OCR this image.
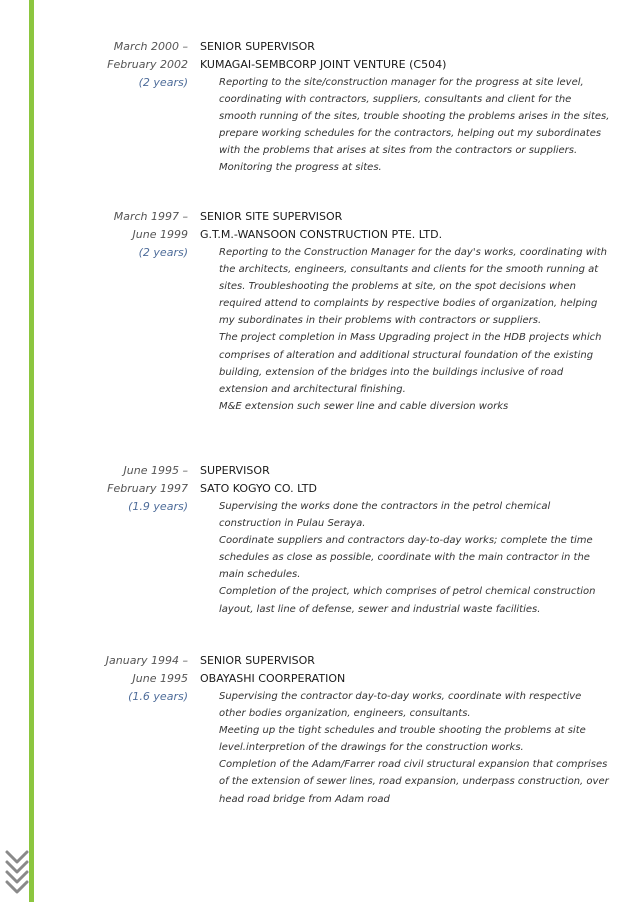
March 2000 –
February 2002
(2 years)
SENIOR SUPERVISOR
KUMAGAI-SEMBCORP JOINT VENTURE (C504)

Reporting to the site/construction manager for the progress at site level, coordinating with contractors, suppliers, consultants and client for the smooth running of the sites, trouble shooting the problems arises in the sites, prepare working schedules for the contractors, helping out my subordinates with the problems that arises at sites from the contractors or suppliers.

Monitoring the progress at sites.

March 1997 –
June 1999
(2 years)
SENIOR SITE SUPERVISOR
G.T.M.-WANSOON CONSTRUCTION PTE. LTD.

Reporting to the Construction Manager for the day's works, coordinating with the architects, engineers, consultants and clients for the smooth running at sites. Troubleshooting the problems at site, on the spot decisions when required attend to complaints by respective bodies of organization, helping my subordinates in their problems with contractors or suppliers.

The project completion in Mass Upgrading project in the HDB projects which comprises of alteration and additional structural foundation of the existing building, extension of the bridges into the buildings inclusive of road extension and architectural finishing.

M&E extension such sewer line and cable diversion works

June 1995 –
February 1997
(1.9 years)
SUPERVISOR
SATO KOGYO CO. LTD

Supervising the works done the contractors in the petrol chemical construction in Pulau Seraya.

Coordinate suppliers and contractors day-to-day works; complete the time schedules as close as possible, coordinate with the main contractor in the main schedules.

Completion of the project, which comprises of petrol chemical construction layout, last line of defense, sewer and industrial waste facilities.

January 1994 –
June 1995
(1.6 years)
SENIOR SUPERVISOR
OBAYASHI COORPERATION

Supervising the contractor day-to-day works, coordinate with respective other bodies organization, engineers, consultants.

Meeting up the tight schedules and trouble shooting the problems at site level.interpretion of the drawings for the construction works.

Completion of the Adam/Farrer road civil structural expansion that comprises of the extension of sewer lines, road expansion, underpass construction, over head road bridge from Adam road
